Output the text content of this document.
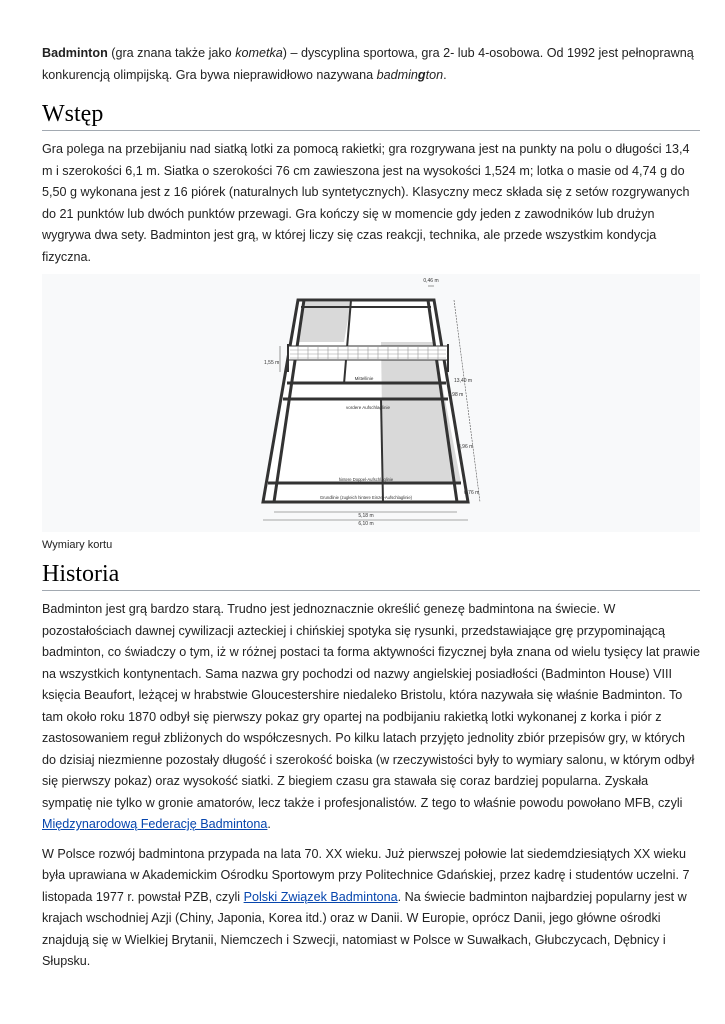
Badminton (gra znana także jako kometka) – dyscyplina sportowa, gra 2- lub 4-osobowa. Od 1992 jest pełnoprawną konkurencją olimpijską. Gra bywa nieprawidłowo nazywana badmington.

Wstęp

Gra polega na przebijaniu nad siatką lotki za pomocą rakietki; gra rozgrywana jest na punkty na polu o długości 13,4 m i szerokości 6,1 m. Siatka o szerokości 76 cm zawieszona jest na wysokości 1,524 m; lotka o masie od 4,74 g do 5,50 g wykonana jest z 16 piórek (naturalnych lub syntetycznych). Klasyczny mecz składa się z setów rozgrywanych do 21 punktów lub dwóch punktów przewagi. Gra kończy się w momencie gdy jeden z zawodników lub drużyn wygrywa dwa sety. Badminton jest grą, w której liczy się czas reakcji, technika, ale przede wszystkim kondycja fizyczna.

Mittellinie
vordere Aufschlaglinie
hintere Doppel-Aufschlaglinie
Grundlinie (zugleich hintere Einzel-Aufschlaglinie)
0,46 m
1,55 m
13,40 m
1,98 m
3,96 m
0,76 m
5,18 m
6,10 m
Wymiary kortu
Historia

Badminton jest grą bardzo starą. Trudno jest jednoznacznie określić genezę badmintona na świecie. W pozostałościach dawnej cywilizacji azteckiej i chińskiej spotyka się rysunki, przedstawiające grę przypominającą badminton, co świadczy o tym, iż w różnej postaci ta forma aktywności fizycznej była znana od wielu tysięcy lat prawie na wszystkich kontynentach. Sama nazwa gry pochodzi od nazwy angielskiej posiadłości (Badminton House) VIII księcia Beaufort, leżącej w hrabstwie Gloucestershire niedaleko Bristolu, która nazywała się właśnie Badminton. To tam około roku 1870 odbył się pierwszy pokaz gry opartej na podbijaniu rakietką lotki wykonanej z korka i piór z zastosowaniem reguł zbliżonych do współczesnych. Po kilku latach przyjęto jednolity zbiór przepisów gry, w których do dzisiaj niezmienne pozostały długość i szerokość boiska (w rzeczywistości były to wymiary salonu, w którym odbył się pierwszy pokaz) oraz wysokość siatki. Z biegiem czasu gra stawała się coraz bardziej popularna. Zyskała sympatię nie tylko w gronie amatorów, lecz także i profesjonalistów. Z tego to właśnie powodu powołano MFB, czyli Międzynarodową Federację Badmintona.

W Polsce rozwój badmintona przypada na lata 70. XX wieku. Już pierwszej połowie lat siedemdziesiątych XX wieku była uprawiana w Akademickim Ośrodku Sportowym przy Politechnice Gdańskiej, przez kadrę i studentów uczelni. 7 listopada 1977 r. powstał PZB, czyli Polski Związek Badmintona. Na świecie badminton najbardziej popularny jest w krajach wschodniej Azji (Chiny, Japonia, Korea itd.) oraz w Danii. W Europie, oprócz Danii, jego główne ośrodki znajdują się w Wielkiej Brytanii, Niemczech i Szwecji, natomiast w Polsce w Suwałkach, Głubczycach, Dębnicy i Słupsku.
